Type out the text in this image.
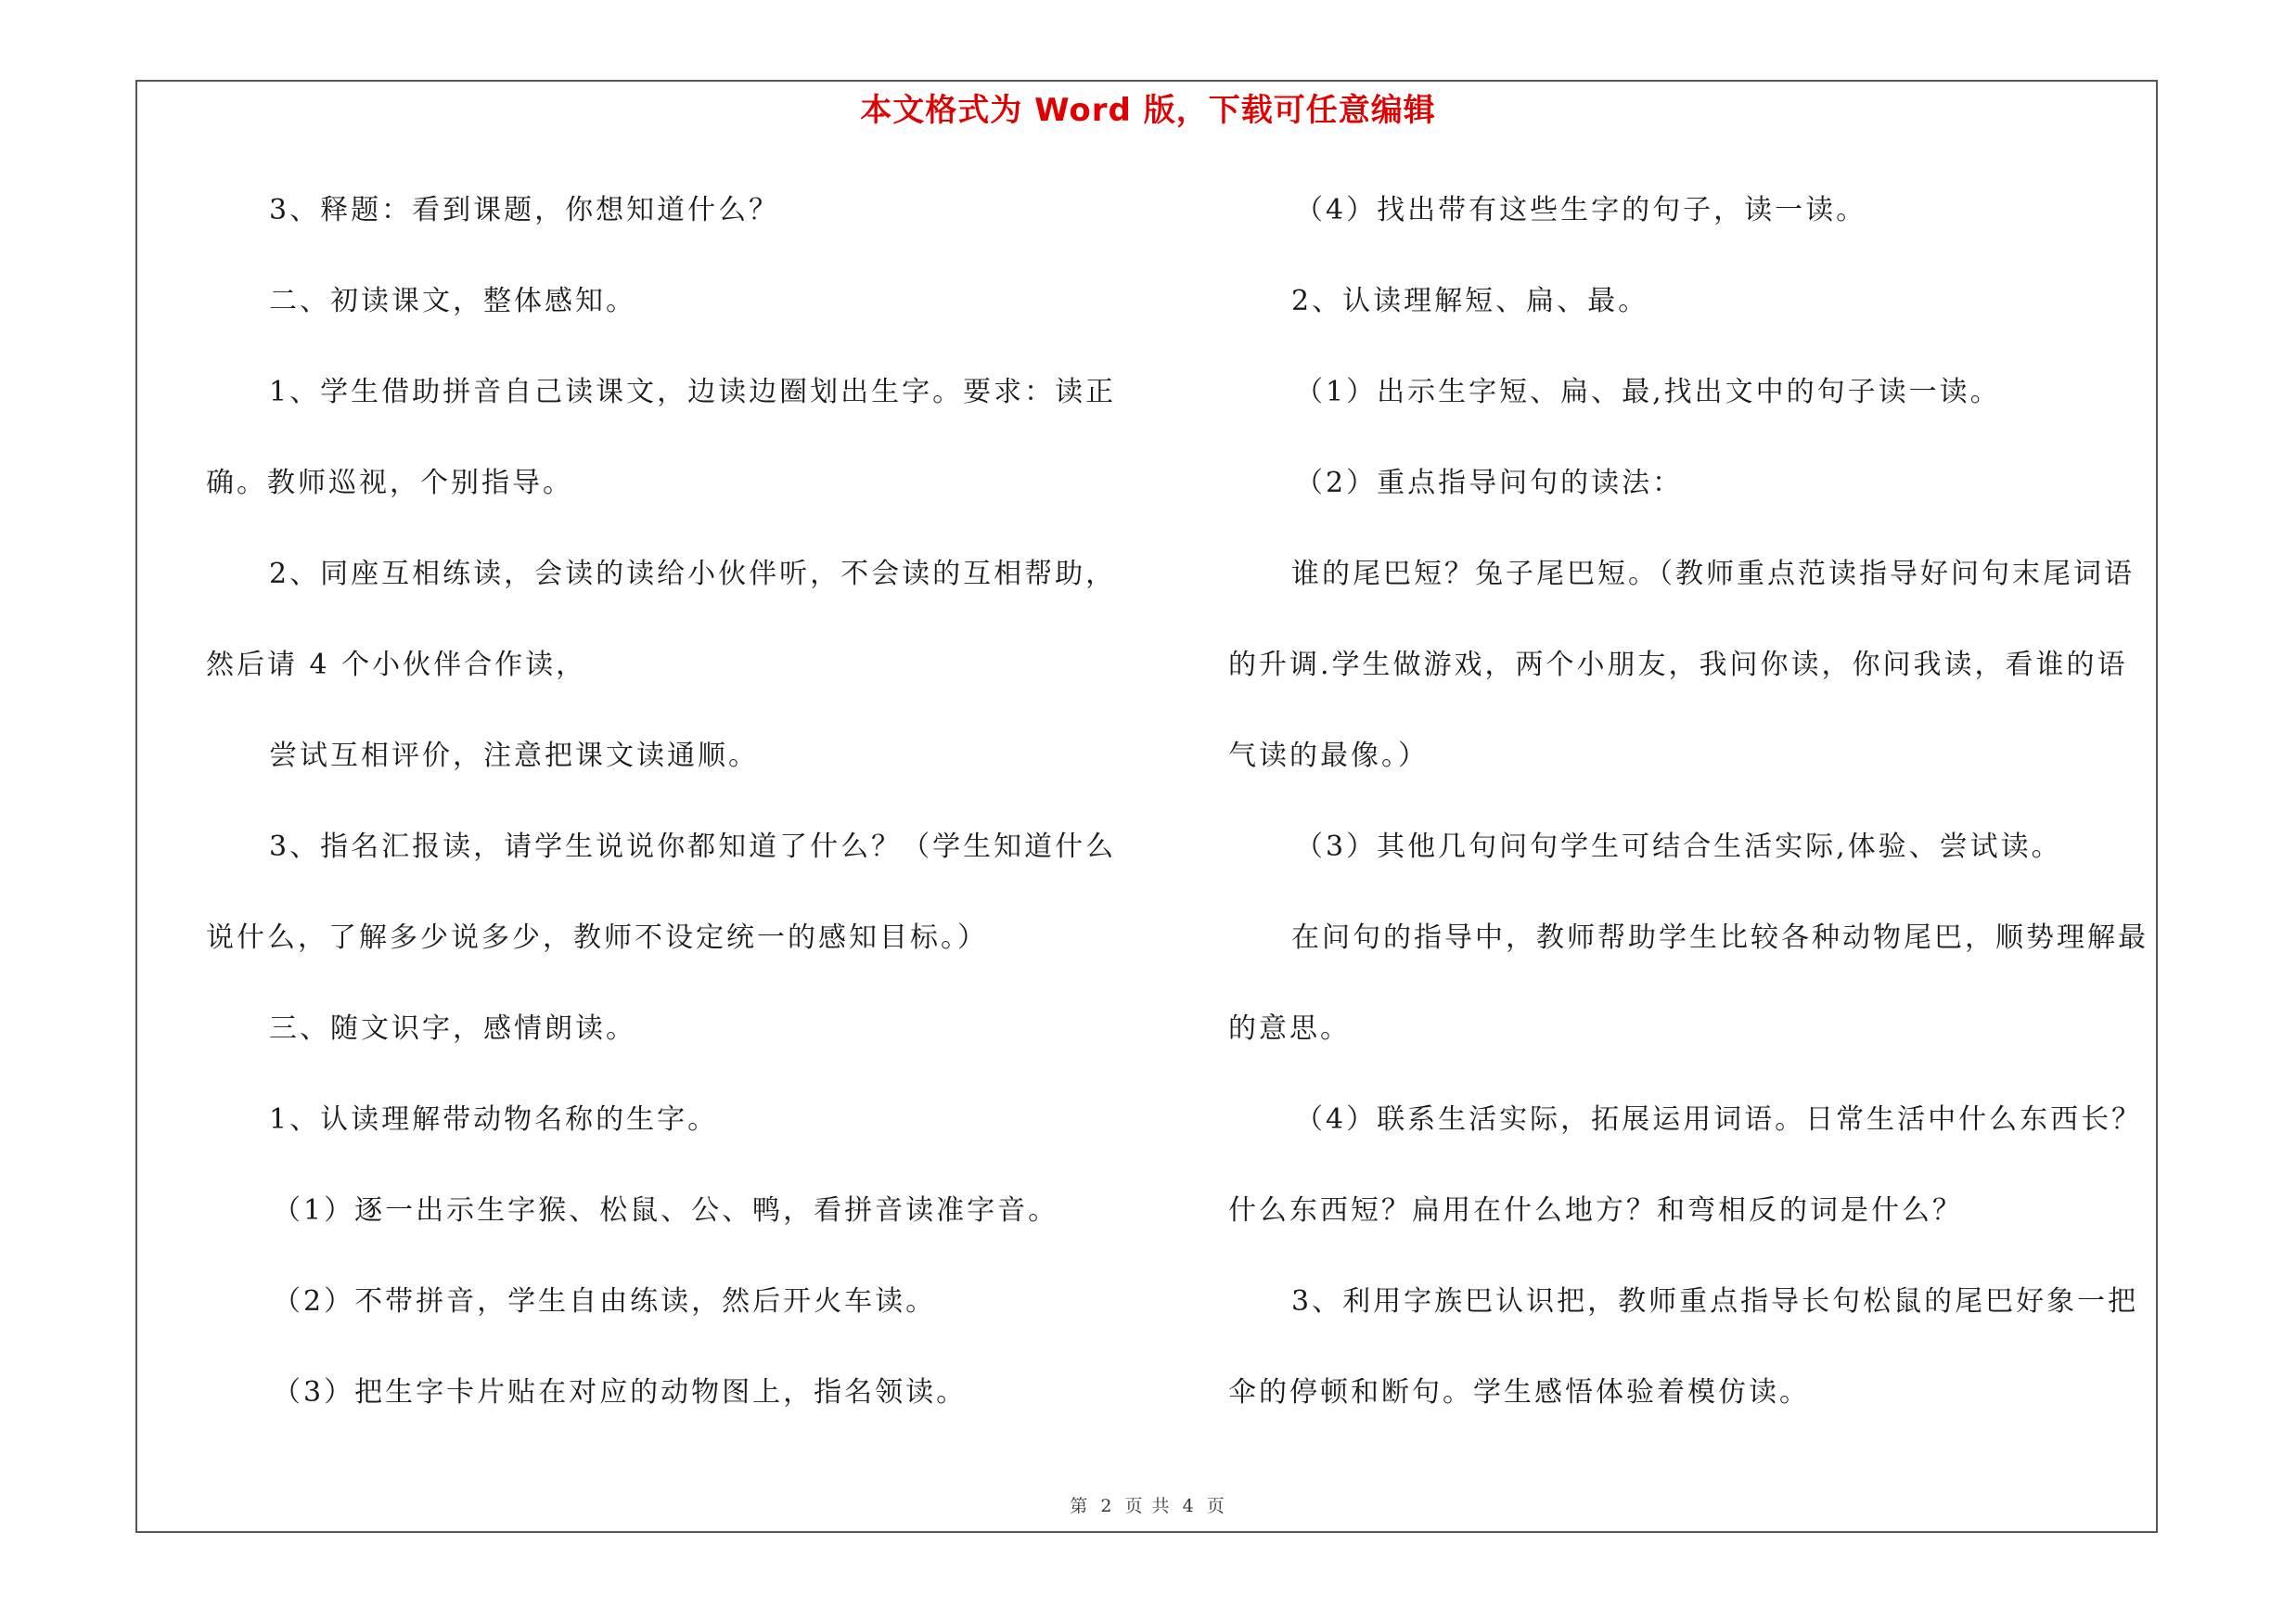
本文格式为 Word 版，下载可任意编辑
3、释题：看到课题，你想知道什么？
二、初读课文，整体感知。
1、学生借助拼音自己读课文，边读边圈划出生字。要求：读正
确。教师巡视，个别指导。
2、同座互相练读，会读的读给小伙伴听，不会读的互相帮助，
然后请 4 个小伙伴合作读，
尝试互相评价，注意把课文读通顺。
3、指名汇报读，请学生说说你都知道了什么？（学生知道什么
说什么，了解多少说多少，教师不设定统一的感知目标。）
三、随文识字，感情朗读。
1、认读理解带动物名称的生字。
（1）逐一出示生字猴、松鼠、公、鸭，看拼音读准字音。
（2）不带拼音，学生自由练读，然后开火车读。
（3）把生字卡片贴在对应的动物图上，指名领读。
（4）找出带有这些生字的句子，读一读。
2、认读理解短、扁、最。
（1）出示生字短、扁、最,找出文中的句子读一读。
（2）重点指导问句的读法：
谁的尾巴短？兔子尾巴短。（教师重点范读指导好问句末尾词语
的升调.学生做游戏，两个小朋友，我问你读，你问我读，看谁的语
气读的最像。）
（3）其他几句问句学生可结合生活实际,体验、尝试读。
在问句的指导中，教师帮助学生比较各种动物尾巴，顺势理解最
的意思。
（4）联系生活实际，拓展运用词语。日常生活中什么东西长？
什么东西短？扁用在什么地方？和弯相反的词是什么？
3、利用字族巴认识把，教师重点指导长句松鼠的尾巴好象一把
伞的停顿和断句。学生感悟体验着模仿读。
第 2 页 共 4 页
